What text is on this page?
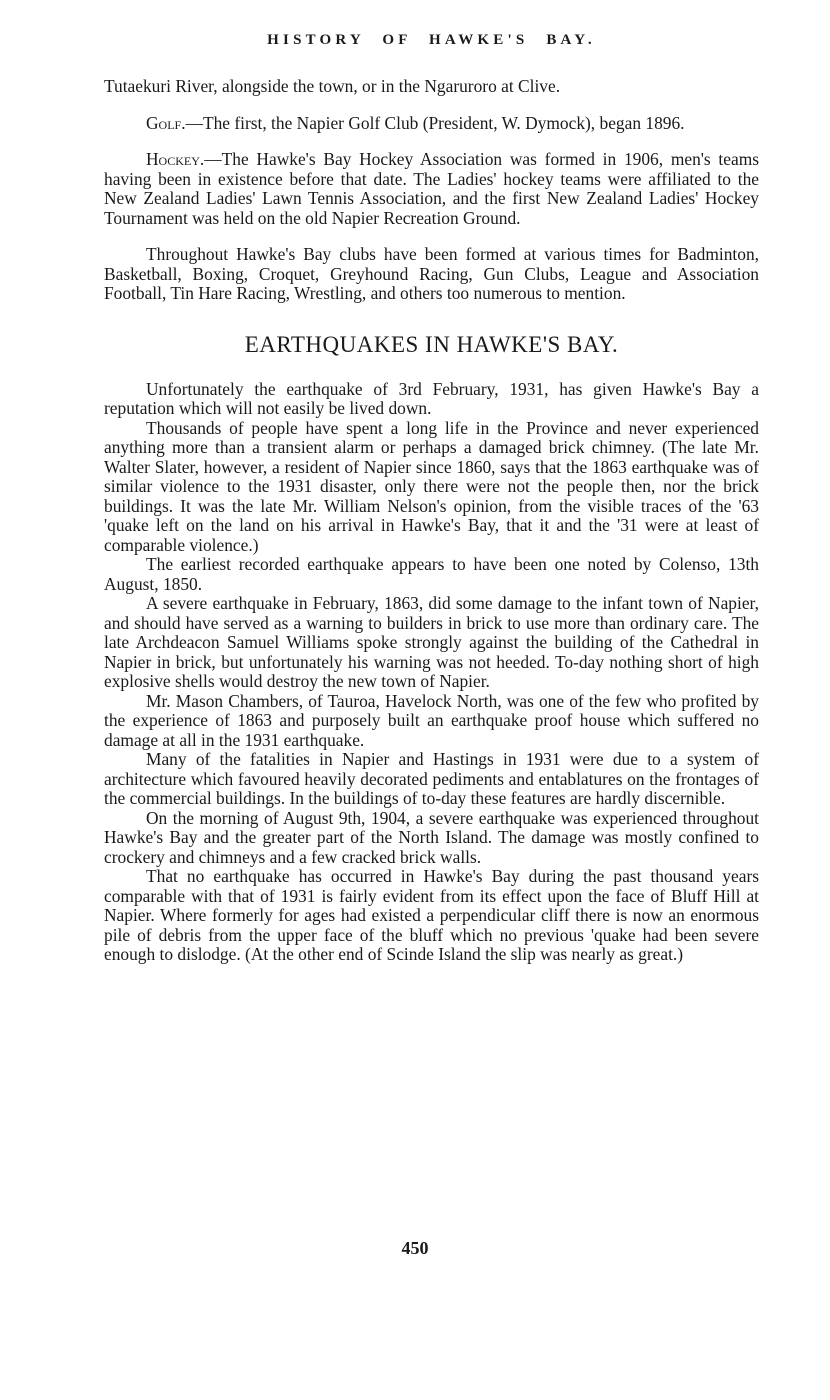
HISTORY OF HAWKE'S BAY.

Tutaekuri River, alongside the town, or in the Ngaruroro at Clive.

Golf.—The first, the Napier Golf Club (President, W. Dymock), began 1896.

Hockey.—The Hawke's Bay Hockey Association was formed in 1906, men's teams having been in existence before that date. The Ladies' hockey teams were affiliated to the New Zealand Ladies' Lawn Tennis Association, and the first New Zealand Ladies' Hockey Tournament was held on the old Napier Recreation Ground.

Throughout Hawke's Bay clubs have been formed at various times for Badminton, Basketball, Boxing, Croquet, Greyhound Racing, Gun Clubs, League and Association Football, Tin Hare Racing, Wrestling, and others too numerous to mention.

EARTHQUAKES IN HAWKE'S BAY.

Unfortunately the earthquake of 3rd February, 1931, has given Hawke's Bay a reputation which will not easily be lived down.

Thousands of people have spent a long life in the Province and never experienced anything more than a transient alarm or perhaps a damaged brick chimney. (The late Mr. Walter Slater, however, a resident of Napier since 1860, says that the 1863 earthquake was of similar violence to the 1931 disaster, only there were not the people then, nor the brick buildings. It was the late Mr. William Nelson's opinion, from the visible traces of the '63 'quake left on the land on his arrival in Hawke's Bay, that it and the '31 were at least of comparable violence.)

The earliest recorded earthquake appears to have been one noted by Colenso, 13th August, 1850.

A severe earthquake in February, 1863, did some damage to the infant town of Napier, and should have served as a warning to builders in brick to use more than ordinary care. The late Archdeacon Samuel Williams spoke strongly against the building of the Cathedral in Napier in brick, but unfortunately his warning was not heeded. To-day nothing short of high explosive shells would destroy the new town of Napier.

Mr. Mason Chambers, of Tauroa, Havelock North, was one of the few who profited by the experience of 1863 and purposely built an earthquake proof house which suffered no damage at all in the 1931 earthquake.

Many of the fatalities in Napier and Hastings in 1931 were due to a system of architecture which favoured heavily decorated pediments and entablatures on the frontages of the commercial buildings. In the buildings of to-day these features are hardly discernible.

On the morning of August 9th, 1904, a severe earthquake was experienced throughout Hawke's Bay and the greater part of the North Island. The damage was mostly confined to crockery and chimneys and a few cracked brick walls.

That no earthquake has occurred in Hawke's Bay during the past thousand years comparable with that of 1931 is fairly evident from its effect upon the face of Bluff Hill at Napier. Where formerly for ages had existed a perpendicular cliff there is now an enormous pile of debris from the upper face of the bluff which no previous 'quake had been severe enough to dislodge. (At the other end of Scinde Island the slip was nearly as great.)

450
